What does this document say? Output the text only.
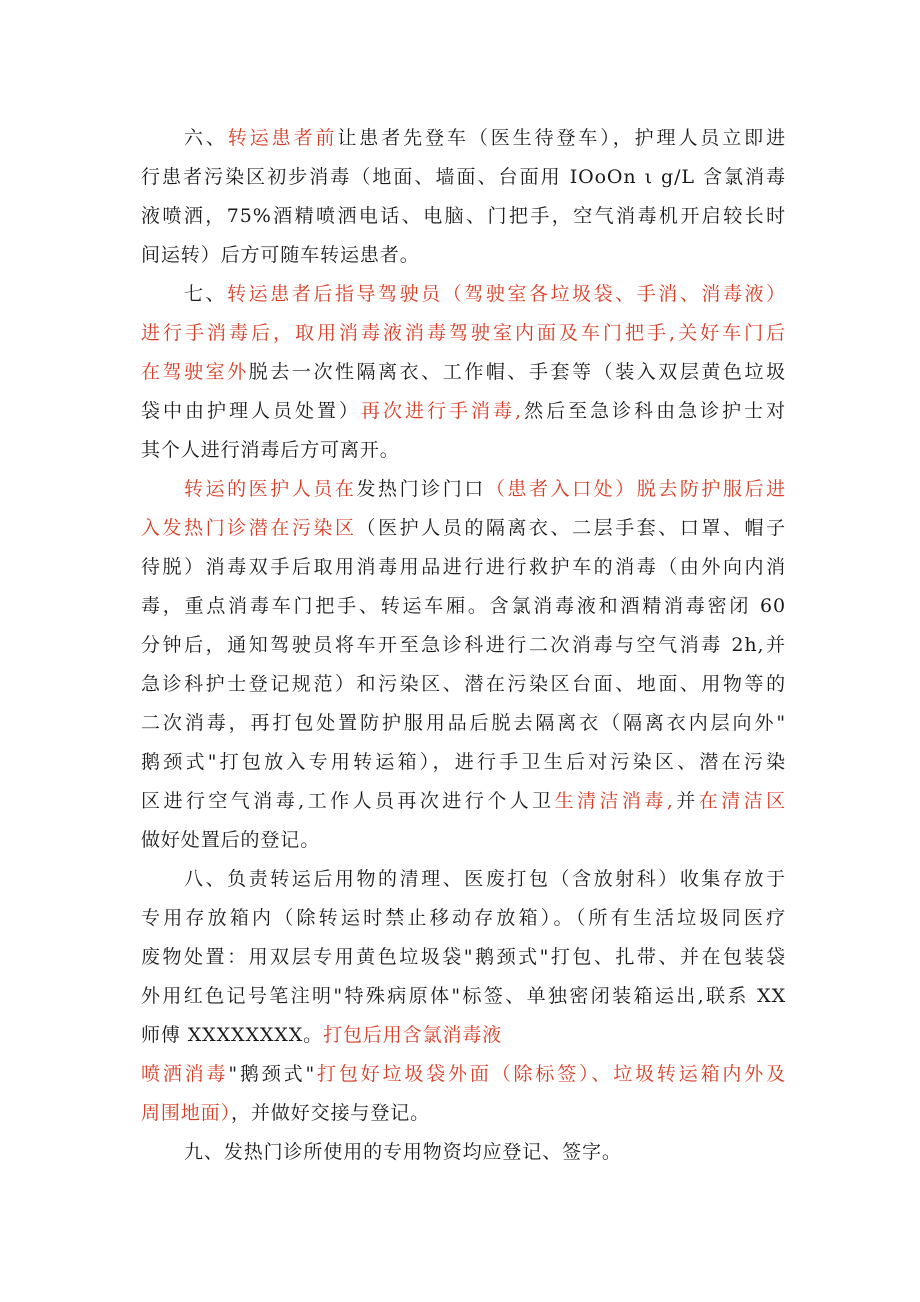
六、转运患者前让患者先登车（医生待登车），护理人员立即进
行患者污染区初步消毒（地面、墙面、台面用 IOoOn ι g/L 含氯消毒
液喷洒，75%酒精喷洒电话、电脑、门把手，空气消毒机开启较长时
间运转）后方可随车转运患者。
七、转运患者后指导驾驶员（驾驶室各垃圾袋、手消、消毒液）
进行手消毒后，取用消毒液消毒驾驶室内面及车门把手,关好车门后
在驾驶室外脱去一次性隔离衣、工作帽、手套等（装入双层黄色垃圾
袋中由护理人员处置）再次进行手消毒,然后至急诊科由急诊护士对
其个人进行消毒后方可离开。
转运的医护人员在发热门诊门口（患者入口处）脱去防护服后进
入发热门诊潜在污染区（医护人员的隔离衣、二层手套、口罩、帽子
待脱）消毒双手后取用消毒用品进行进行救护车的消毒（由外向内消
毒，重点消毒车门把手、转运车厢。含氯消毒液和酒精消毒密闭 60
分钟后，通知驾驶员将车开至急诊科进行二次消毒与空气消毒 2h,并
急诊科护士登记规范）和污染区、潜在污染区台面、地面、用物等的
二次消毒，再打包处置防护服用品后脱去隔离衣（隔离衣内层向外"
鹅颈式"打包放入专用转运箱），进行手卫生后对污染区、潜在污染
区进行空气消毒,工作人员再次进行个人卫生清洁消毒,并在清洁区
做好处置后的登记。
八、负责转运后用物的清理、医废打包（含放射科）收集存放于
专用存放箱内（除转运时禁止移动存放箱）。（所有生活垃圾同医疗
废物处置：用双层专用黄色垃圾袋"鹅颈式"打包、扎带、并在包装袋
外用红色记号笔注明"特殊病原体"标签、单独密闭装箱运出,联系 XX
师傅 XXXXXXXX。打包后用含氯消毒液
喷洒消毒"鹅颈式"打包好垃圾袋外面（除标签）、垃圾转运箱内外及
周围地面），并做好交接与登记。
九、发热门诊所使用的专用物资均应登记、签字。
